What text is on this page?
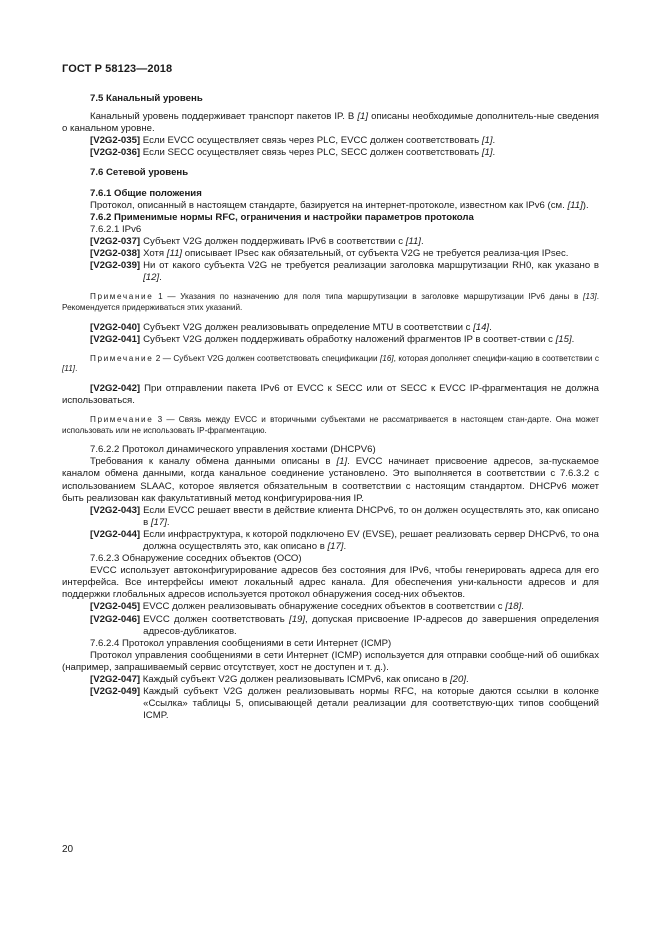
ГОСТ Р 58123—2018

7.5 Канальный уровень

Канальный уровень поддерживает транспорт пакетов IP. В [1] описаны необходимые дополнитель-ные сведения о канальном уровне.

[V2G2-035] Если EVCC осуществляет связь через PLC, EVCC должен соответствовать [1].

[V2G2-036] Если SECC осуществляет связь через PLC, SECC должен соответствовать [1].

7.6 Сетевой уровень

7.6.1 Общие положения

Протокол, описанный в настоящем стандарте, базируется на интернет-протоколе, известном как IPv6 (см. [11]).

7.6.2 Применимые нормы RFC, ограничения и настройки параметров протокола

7.6.2.1 IPv6

[V2G2-037] Субъект V2G должен поддерживать IPv6 в соответствии с [11].
[V2G2-038] Хотя [11] описывает IPsec как обязательный, от субъекта V2G не требуется реализа-ция IPsec.
[V2G2-039] Ни от какого субъекта V2G не требуется реализации заголовка маршрутизации RH0, как указано в [12].

Примечание 1 — Указания по назначению для поля типа маршрутизации в заголовке маршрутизации IPv6 даны в [13]. Рекомендуется придерживаться этих указаний.

[V2G2-040] Субъект V2G должен реализовывать определение MTU в соответствии с [14].
[V2G2-041] Субъект V2G должен поддерживать обработку наложений фрагментов IP в соответ-ствии с [15].

Примечание 2 — Субъект V2G должен соответствовать спецификации [16], которая дополняет специфи-кацию в соответствии с [11].

[V2G2-042] При отправлении пакета IPv6 от EVCC к SECC или от SECC к EVCC IP-фрагментация не должна использоваться.

Примечание 3 — Связь между EVCC и вторичными субъектами не рассматривается в настоящем стан-дарте. Она может использовать или не использовать IP-фрагментацию.

7.6.2.2 Протокол динамического управления хостами (DHCPV6)

Требования к каналу обмена данными описаны в [1]. EVCC начинает присвоение адресов, за-пускаемое каналом обмена данными, когда канальное соединение установлено. Это выполняется в соответствии с 7.6.3.2 с использованием SLAAC, которое является обязательным в соответствии с настоящим стандартом. DHCPv6 может быть реализован как факультативный метод конфигурирова-ния IP.

[V2G2-043] Если EVCC решает ввести в действие клиента DHCPv6, то он должен осуществлять это, как описано в [17].
[V2G2-044] Если инфраструктура, к которой подключено EV (EVSE), решает реализовать сервер DHCPv6, то она должна осуществлять это, как описано в [17].

7.6.2.3 Обнаружение соседних объектов (ОСО)

EVCC использует автоконфигурирование адресов без состояния для IPv6, чтобы генерировать адреса для его интерфейса. Все интерфейсы имеют локальный адрес канала. Для обеспечения уни-кальности адресов и для поддержки глобальных адресов используется протокол обнаружения сосед-них объектов.

[V2G2-045] EVCC должен реализовывать обнаружение соседних объектов в соответствии с [18].

[V2G2-046] EVCC должен соответствовать [19], допуская присвоение IP-адресов до завершения определения адресов-дубликатов.

7.6.2.4 Протокол управления сообщениями в сети Интернет (ICMP)

Протокол управления сообщениями в сети Интернет (ICMP) используется для отправки сообще-ний об ошибках (например, запрашиваемый сервис отсутствует, хост не доступен и т. д.).

[V2G2-047] Каждый субъект V2G должен реализовывать ICMPv6, как описано в [20].

[V2G2-049] Каждый субъект V2G должен реализовывать нормы RFC, на которые даются ссылки в колонке «Ссылка» таблицы 5, описывающей детали реализации для соответствую-щих типов сообщений ICMP.
20
